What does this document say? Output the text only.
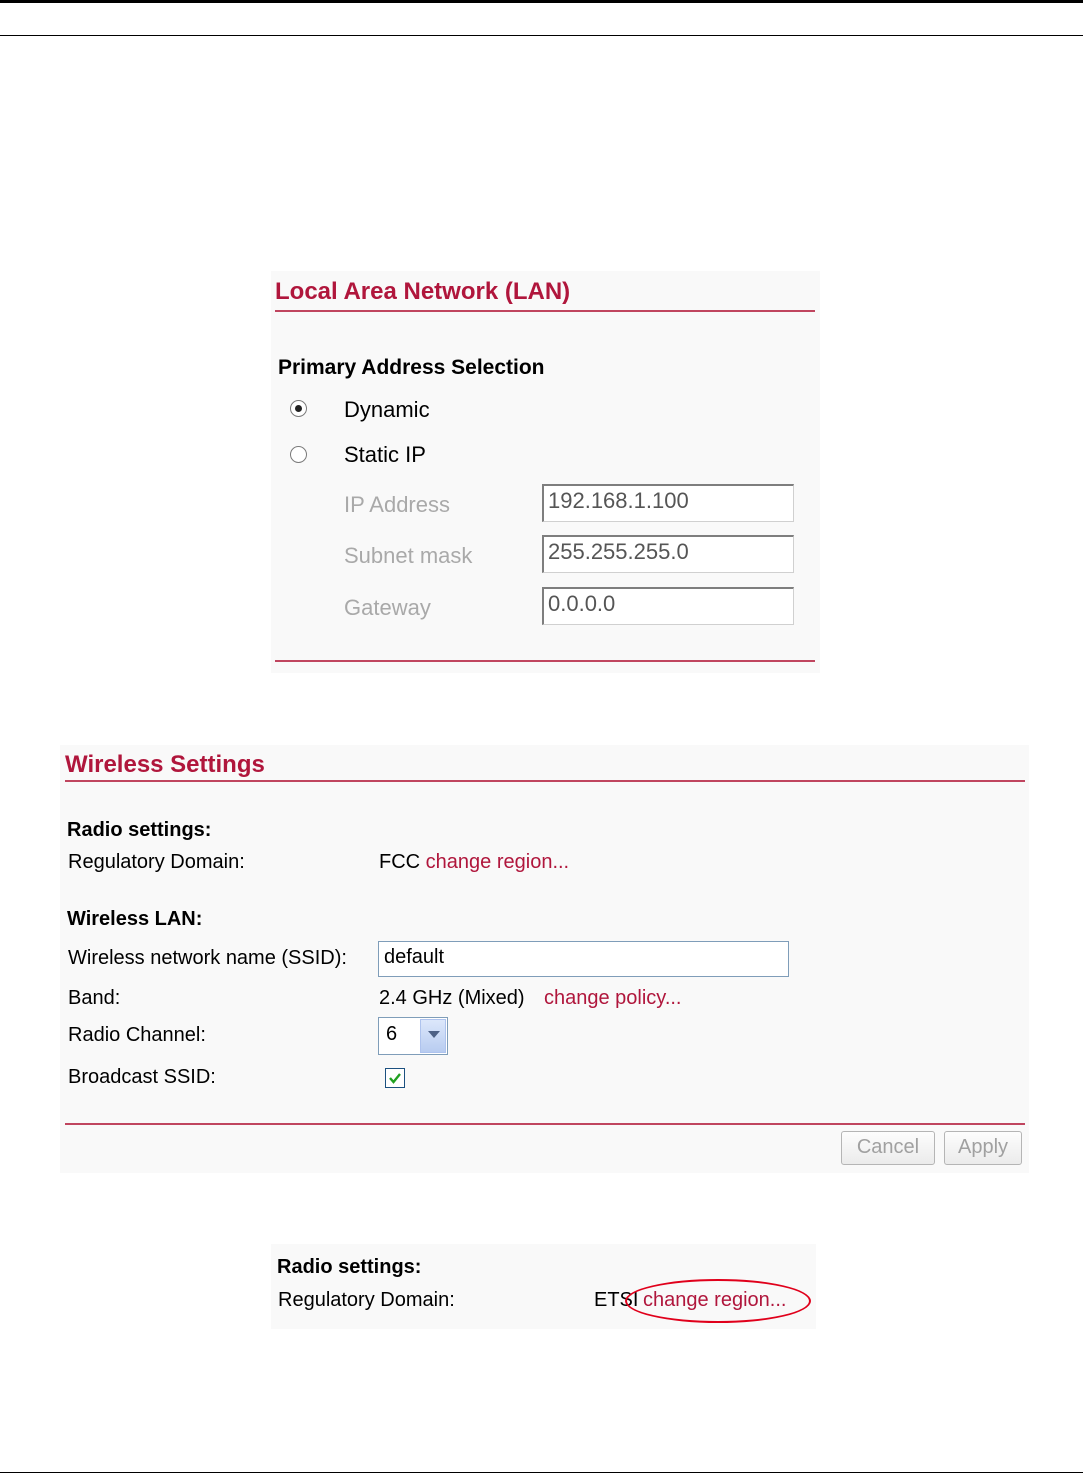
Local Area Network (LAN)
Primary Address Selection
Dynamic
Static IP
IP Address	192.168.1.100
Subnet mask	255.255.255.0
Gateway	0.0.0.0
Wireless Settings
Radio settings:
Regulatory Domain:	FCC change region...
Wireless LAN:
Wireless network name (SSID):	default
Band:	2.4 GHz (Mixed) change policy...
Radio Channel:	6
Broadcast SSID:
Cancel	Apply
Radio settings:
Regulatory Domain:	ETSI change region...
